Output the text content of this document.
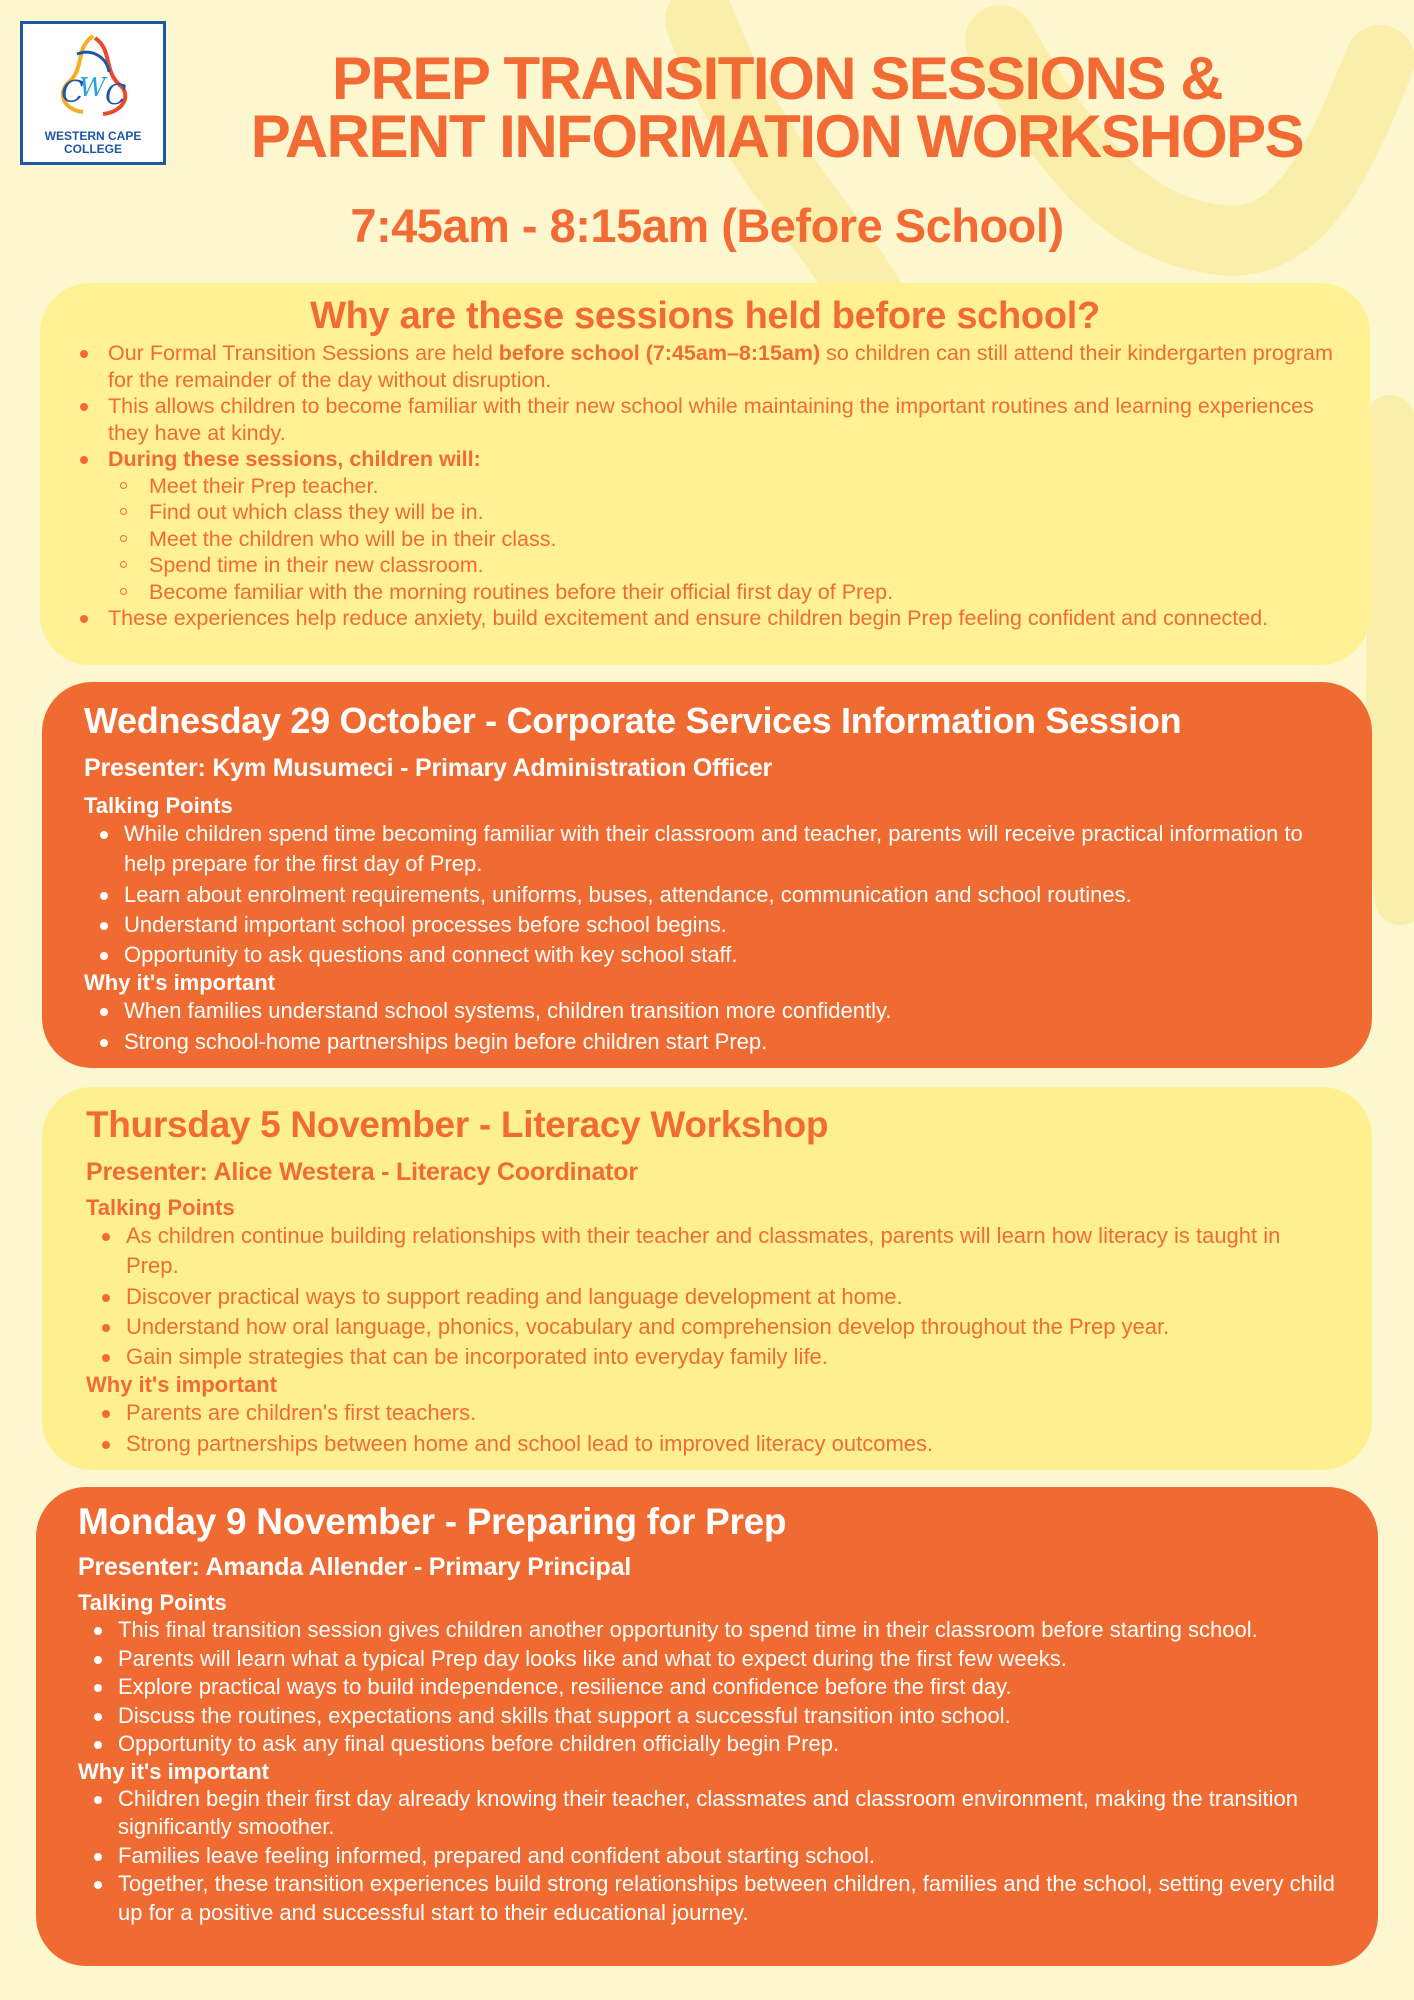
C
W C
WESTERN CAPE
COLLEGE
PREP TRANSITION SESSIONS &
PARENT INFORMATION WORKSHOPS
7:45am - 8:15am (Before School)
Why are these sessions held before school?
Our Formal Transition Sessions are held before school (7:45am–8:15am) so children can still attend their kindergarten program for the remainder of the day without disruption.
This allows children to become familiar with their new school while maintaining the important routines and learning experiences they have at kindy.
During these sessions, children will:
Meet their Prep teacher.
Find out which class they will be in.
Meet the children who will be in their class.
Spend time in their new classroom.
Become familiar with the morning routines before their official first day of Prep.
These experiences help reduce anxiety, build excitement and ensure children begin Prep feeling confident and connected.

Wednesday 29 October - Corporate Services Information Session

Presenter: Kym Musumeci - Primary Administration Officer

Talking Points

While children spend time becoming familiar with their classroom and teacher, parents will receive practical information to help prepare for the first day of Prep.
Learn about enrolment requirements, uniforms, buses, attendance, communication and school routines.
Understand important school processes before school begins.
Opportunity to ask questions and connect with key school staff.

Why it's important

When families understand school systems, children transition more confidently.
Strong school-home partnerships begin before children start Prep.

Thursday 5 November - Literacy Workshop

Presenter: Alice Westera - Literacy Coordinator

Talking Points

As children continue building relationships with their teacher and classmates, parents will learn how literacy is taught in Prep.
Discover practical ways to support reading and language development at home.
Understand how oral language, phonics, vocabulary and comprehension develop throughout the Prep year.
Gain simple strategies that can be incorporated into everyday family life.

Why it's important

Parents are children's first teachers.
Strong partnerships between home and school lead to improved literacy outcomes.

Monday 9 November - Preparing for Prep

Presenter: Amanda Allender - Primary Principal

Talking Points

This final transition session gives children another opportunity to spend time in their classroom before starting school.
Parents will learn what a typical Prep day looks like and what to expect during the first few weeks.
Explore practical ways to build independence, resilience and confidence before the first day.
Discuss the routines, expectations and skills that support a successful transition into school.
Opportunity to ask any final questions before children officially begin Prep.

Why it's important

Children begin their first day already knowing their teacher, classmates and classroom environment, making the transition significantly smoother.
Families leave feeling informed, prepared and confident about starting school.
Together, these transition experiences build strong relationships between children, families and the school, setting every child up for a positive and successful start to their educational journey.
